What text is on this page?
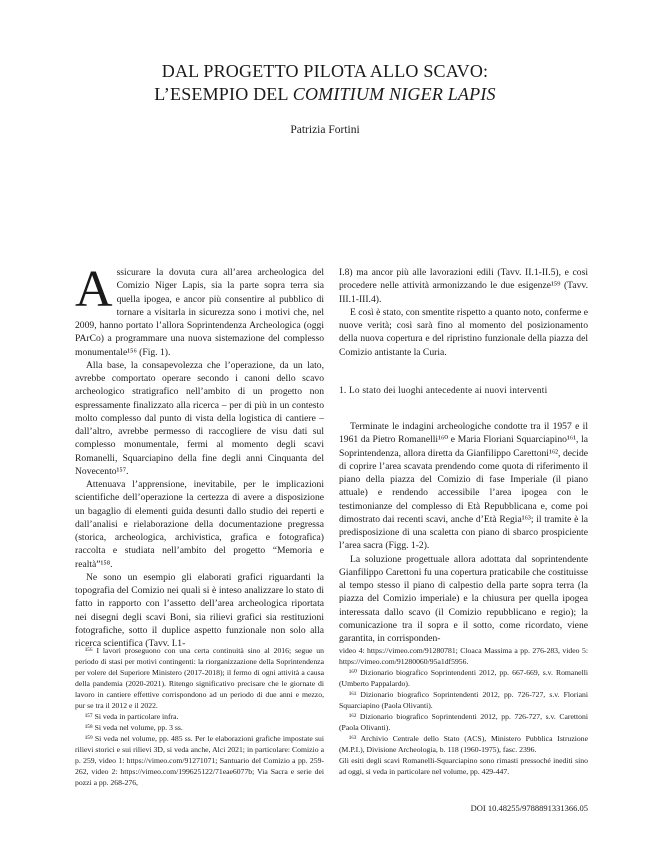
DAL PROGETTO PILOTA ALLO SCAVO:
L’ESEMPIO DEL COMITIUM NIGER LAPIS
Patrizia Fortini

Assicurare la dovuta cura all’area archeologica del Comizio Niger Lapis, sia la parte sopra terra sia quella ipogea, e ancor più consentire al pubblico di tornare a visitarla in sicurezza sono i motivi che, nel 2009, hanno portato l’allora Soprintendenza Archeologica (oggi PArCo) a programmare una nuova sistemazione del complesso monumentale¹⁵⁶ (Fig. 1).

Alla base, la consapevolezza che l’operazione, da un lato, avrebbe comportato operare secondo i canoni dello scavo archeologico stratigrafico nell’ambito di un progetto non espressamente finalizzato alla ricerca – per di più in un contesto molto complesso dal punto di vista della logistica di cantiere – dall’altro, avrebbe permesso di raccogliere de visu dati sul complesso monumentale, fermi al momento degli scavi Romanelli, Squarciapino della fine degli anni Cinquanta del Novecento¹⁵⁷.

Attenuava l’apprensione, inevitabile, per le implicazioni scientifiche dell’operazione la certezza di avere a disposizione un bagaglio di elementi guida desunti dallo studio dei reperti e dall’analisi e rielaborazione della documentazione pregressa (storica, archeologica, archivistica, grafica e fotografica) raccolta e studiata nell’ambito del progetto “Memoria e realtà”¹⁵⁸.

Ne sono un esempio gli elaborati grafici riguardanti la topografia del Comizio nei quali si è inteso analizzare lo stato di fatto in rapporto con l’assetto dell’area archeologica riportata nei disegni degli scavi Boni, sia rilievi grafici sia restituzioni fotografiche, sotto il duplice aspetto funzionale non solo alla ricerca scientifica (Tavv. I.1-

I.8) ma ancor più alle lavorazioni edili (Tavv. II.1-II.5), e così procedere nelle attività armonizzando le due esigenze¹⁵⁹ (Tavv. III.1-III.4).

E così è stato, con smentite rispetto a quanto noto, conferme e nuove verità; così sarà fino al momento del posizionamento della nuova copertura e del ripristino funzionale della piazza del Comizio antistante la Curia.

1. Lo stato dei luoghi antecedente ai nuovi interventi

Terminate le indagini archeologiche condotte tra il 1957 e il 1961 da Pietro Romanelli¹⁶⁰ e Maria Floriani Squarciapino¹⁶¹, la Soprintendenza, allora diretta da Gianfilippo Carettoni¹⁶², decide di coprire l’area scavata prendendo come quota di riferimento il piano della piazza del Comizio di fase Imperiale (il piano attuale) e rendendo accessibile l’area ipogea con le testimonianze del complesso di Età Repubblicana e, come poi dimostrato dai recenti scavi, anche d’Età Regia¹⁶³; il tramite è la predisposizione di una scaletta con piano di sbarco prospiciente l’area sacra (Figg. 1-2).

La soluzione progettuale allora adottata dal soprintendente Gianfilippo Carettoni fu una copertura praticabile che costituisse al tempo stesso il piano di calpestio della parte sopra terra (la piazza del Comizio imperiale) e la chiusura per quella ipogea interessata dallo scavo (il Comizio repubblicano e regio); la comunicazione tra il sopra e il sotto, come ricordato, viene garantita, in corrisponden-

¹⁵⁶ I lavori proseguono con una certa continuità sino al 2016; segue un periodo di stasi per motivi contingenti: la riorganizzazione della Soprintendenza per volere del Superiore Ministero (2017-2018); il fermo di ogni attività a causa della pandemia (2020-2021). Ritengo significativo precisare che le giornate di lavoro in cantiere effettive corrispondono ad un periodo di due anni e mezzo, pur se tra il 2012 e il 2022.

¹⁵⁷ Si veda in particolare infra.

¹⁵⁸ Si veda nel volume, pp. 3 ss.

¹⁵⁹ Si veda nel volume, pp. 485 ss. Per le elaborazioni grafiche impostate sui rilievi storici e sui rilievi 3D, si veda anche, Alci 2021; in particolare: Comizio a p. 259, video 1: https://vimeo.com/91271071; Santuario del Comizio a pp. 259-262, video 2: https://vimeo.com/199625122/71eae6077b; Via Sacra e serie dei pozzi a pp. 268-276,

video 4: https://vimeo.com/91280781; Cloaca Massima a pp. 276-283, video 5: https://vimeo.com/91280060/95a1df5956.

¹⁶⁰ Dizionario biografico Soprintendenti 2012, pp. 667-669, s.v. Romanelli (Umberto Pappalardo).

¹⁶¹ Dizionario biografico Soprintendenti 2012, pp. 726-727, s.v. Floriani Squarciapino (Paola Olivanti).

¹⁶² Dizionario biografico Soprintendenti 2012, pp. 726-727, s.v. Carettoni (Paola Olivanti).

¹⁶³ Archivio Centrale dello Stato (ACS), Ministero Pubblica Istruzione (M.P.I.), Divisione Archeologia, b. 118 (1960-1975), fasc. 2396.

Gli esiti degli scavi Romanelli-Squarciapino sono rimasti pressoché inediti sino ad oggi, si veda in particolare nel volume, pp. 429-447.

DOI 10.48255/9788891331366.05
